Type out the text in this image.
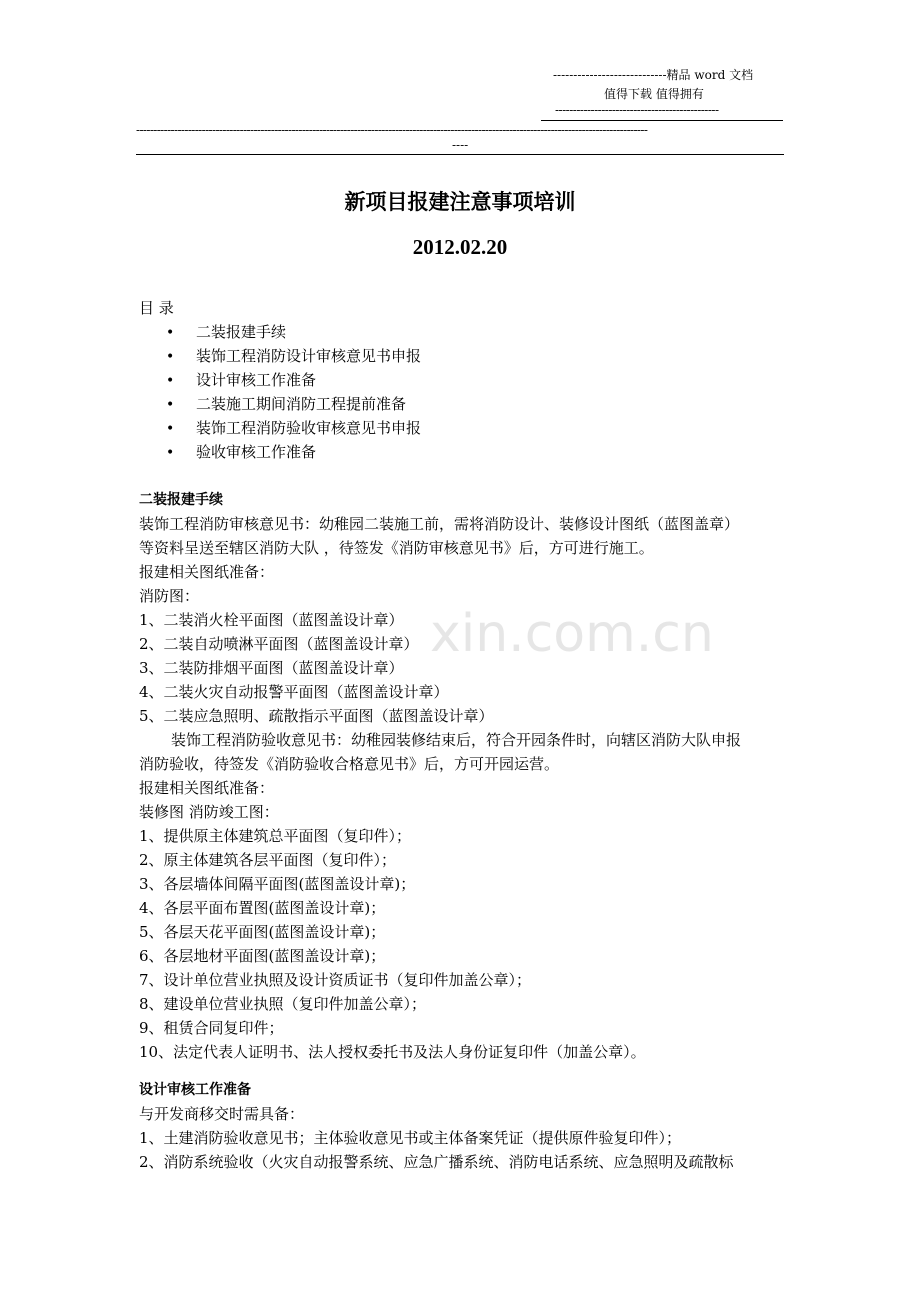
----------------------------精品 word 文档
值得下载 值得拥有
----------------------------------------------
----------------------------------------------------------------------------------------------------------------------------------------------------
----
xin.com.cn
新项目报建注意事项培训
2012.02.20
目 录
• 二装报建手续
• 装饰工程消防设计审核意见书申报
• 设计审核工作准备
• 二装施工期间消防工程提前准备
• 装饰工程消防验收审核意见书申报
• 验收审核工作准备
二装报建手续
装饰工程消防审核意见书：幼稚园二装施工前，需将消防设计、装修设计图纸（蓝图盖章）
等资料呈送至辖区消防大队 ，待签发《消防审核意见书》后，方可进行施工。
报建相关图纸准备：
消防图：
1、二装消火栓平面图（蓝图盖设计章）
2、二装自动喷淋平面图（蓝图盖设计章）
3、二装防排烟平面图（蓝图盖设计章）
4、二装火灾自动报警平面图（蓝图盖设计章）
5、二装应急照明、疏散指示平面图（蓝图盖设计章）
装饰工程消防验收意见书：幼稚园装修结束后，符合开园条件时，向辖区消防大队申报
消防验收，待签发《消防验收合格意见书》后，方可开园运营。
报建相关图纸准备：
装修图 消防竣工图：
1、提供原主体建筑总平面图（复印件）；
2、原主体建筑各层平面图（复印件）；
3、各层墙体间隔平面图(蓝图盖设计章)；
4、各层平面布置图(蓝图盖设计章)；
5、各层天花平面图(蓝图盖设计章)；
6、各层地材平面图(蓝图盖设计章)；
7、设计单位营业执照及设计资质证书（复印件加盖公章）；
8、建设单位营业执照（复印件加盖公章）；
9、租赁合同复印件；
10、法定代表人证明书、法人授权委托书及法人身份证复印件（加盖公章）。
设计审核工作准备
与开发商移交时需具备：
1、土建消防验收意见书；主体验收意见书或主体备案凭证（提供原件验复印件）；
2、消防系统验收（火灾自动报警系统、应急广播系统、消防电话系统、应急照明及疏散标
